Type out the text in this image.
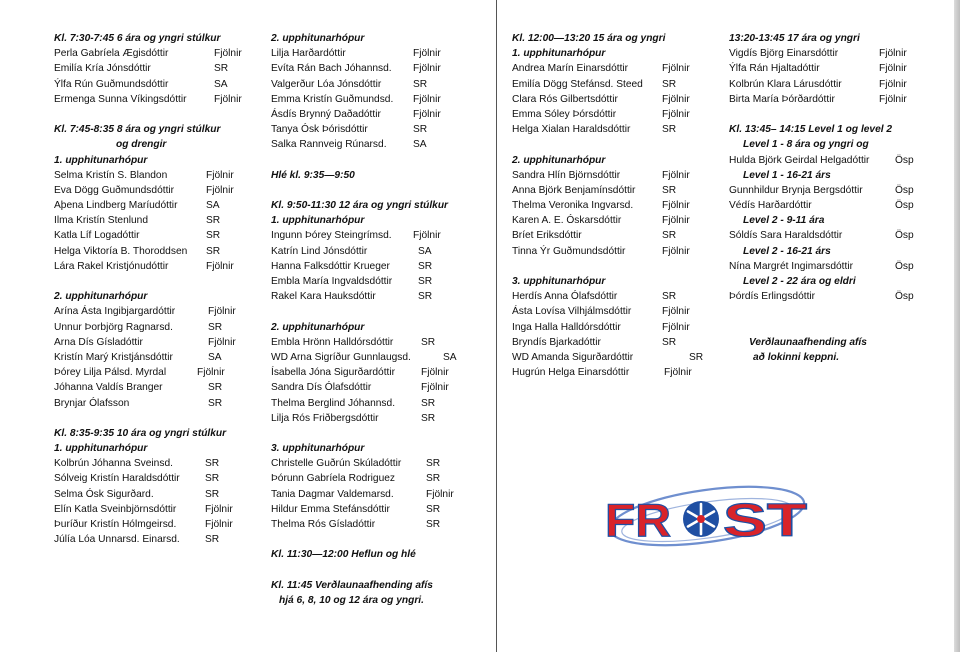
Kl. 7:30-7:45 6 ára og yngri stúlkur
Perla Gabríela Ægisdóttir	Fjölnir
Emilía Kría Jónsdóttir	SR
Ýlfa Rún Guðmundsdóttir	SA
Ermenga Sunna Víkingsdóttir	Fjölnir
Kl. 7:45-8:35 8 ára og yngri stúlkur
og drengir
1. upphitunarhópur
Selma Kristín S. Blandon	Fjölnir
Eva Dögg Guðmundsdóttir	Fjölnir
Aþena Lindberg Maríudóttir	SA
Ilma Kristín Stenlund	SR
Katla Líf Logadóttir	SR
Helga Viktoría B. Thoroddsen	SR
Lára Rakel Kristjónudóttir	Fjölnir
2. upphitunarhópur
Arína Ásta Ingibjargardóttir	Fjölnir
Unnur Þorbjörg Ragnarsd.	SR
Arna Dís Gísladóttir	Fjölnir
Kristín Marý Kristjánsdóttir	SA
Þórey Lilja Pálsd. Myrdal	Fjölnir
Jóhanna Valdís Branger	SR
Brynjar Ólafsson	SR
Kl. 8:35-9:35 10 ára og yngri stúlkur
1. upphitunarhópur
Kolbrún Jóhanna Sveinsd.	SR
Sólveig Kristín Haraldsdóttir	SR
Selma Ósk Sigurðard.	SR
Elín Katla Sveinbjörnsdóttir	Fjölnir
Þuríður Kristín Hólmgeirsd.	Fjölnir
Júlía Lóa Unnarsd. Einarsd.	SR
2. upphitunarhópur
Lilja Harðardóttir	Fjölnir
Evíta Rán Bach Jóhannsd.	Fjölnir
Valgerður Lóa Jónsdóttir	SR
Emma Kristín Guðmundsd.	Fjölnir
Ásdís Brynný Daðadóttir	Fjölnir
Tanya Ósk Þórisdóttir	SR
Salka Rannveig Rúnarsd.	SA
Hlé kl. 9:35—9:50
Kl. 9:50-11:30 12 ára og yngri stúlkur
1. upphitunarhópur
Ingunn Þórey Steingrímsd.	Fjölnir
Katrín Lind Jónsdóttir	SA
Hanna Falksdóttir Krueger	SR
Embla María Ingvaldsdóttir	SR
Rakel Kara Hauksdóttir	SR
2. upphitunarhópur
Embla Hrönn Halldórsdóttir	SR
WD Arna Sigríður Gunnlaugsd.	SA
Ísabella Jóna Sigurðardóttir	Fjölnir
Sandra Dís Ólafsdóttir	Fjölnir
Thelma Berglind Jóhannsd.	SR
Lilja Rós Friðbergsdóttir	SR
3. upphitunarhópur
Christelle Guðrún Skúladóttir	SR
Þórunn Gabríela Rodriguez	SR
Tania Dagmar Valdemarsd.	Fjölnir
Hildur Emma Stefánsdóttir	SR
Thelma Rós Gísladóttir	SR
Kl. 11:30—12:00 Heflun og hlé
Kl. 11:45 Verðlaunaafhending afís
hjá 6, 8, 10 og 12 ára og yngri.
Kl. 12:00—13:20 15 ára og yngri
1. upphitunarhópur
Andrea Marín Einarsdóttir	Fjölnir
Emilía Dögg Stefánsd. Steed	SR
Clara Rós Gilbertsdóttir	Fjölnir
Emma Sóley Þórsdóttir	Fjölnir
Helga Xialan Haraldsdóttir	SR
2. upphitunarhópur
Sandra Hlín Björnsdóttir	Fjölnir
Anna Björk Benjamínsdóttir	SR
Thelma Veronika Ingvarsd.	Fjölnir
Karen A. E. Óskarsdóttir	Fjölnir
Bríet Eriksdóttir	SR
Tinna Ýr Guðmundsdóttir	Fjölnir
3. upphitunarhópur
Herdís Anna Ólafsdóttir	SR
Ásta Lovísa Vilhjálmsdóttir	Fjölnir
Inga Halla Halldórsdóttir	Fjölnir
Bryndís Bjarkadóttir	SR
WD Amanda Sigurðardóttir	SR
Hugrún Helga Einarsdóttir	Fjölnir
13:20-13:45 17 ára og yngri
Vigdís Björg Einarsdóttir	Fjölnir
Ýlfa Rán Hjaltadóttir	Fjölnir
Kolbrún Klara Lárusdóttir	Fjölnir
Birta María Þórðardóttir	Fjölnir
Kl. 13:45– 14:15 Level 1 og level 2
Level 1 - 8 ára og yngri og
Hulda Björk Geirdal Helgadóttir	Ösp
Level 1 - 16-21 árs
Gunnhildur Brynja Bergsdóttir	Ösp
Védís Harðardóttir	Ösp
Level 2 - 9-11 ára
Sóldís Sara Haraldsdóttir	Ösp
Level 2 - 16-21 árs
Nína Margrét Ingimarsdóttir	Ösp
Level 2 - 22 ára og eldri
Þórdís Erlingsdóttir	Ösp
Verðlaunaafhending afís
að lokinni keppni.
FR ST
